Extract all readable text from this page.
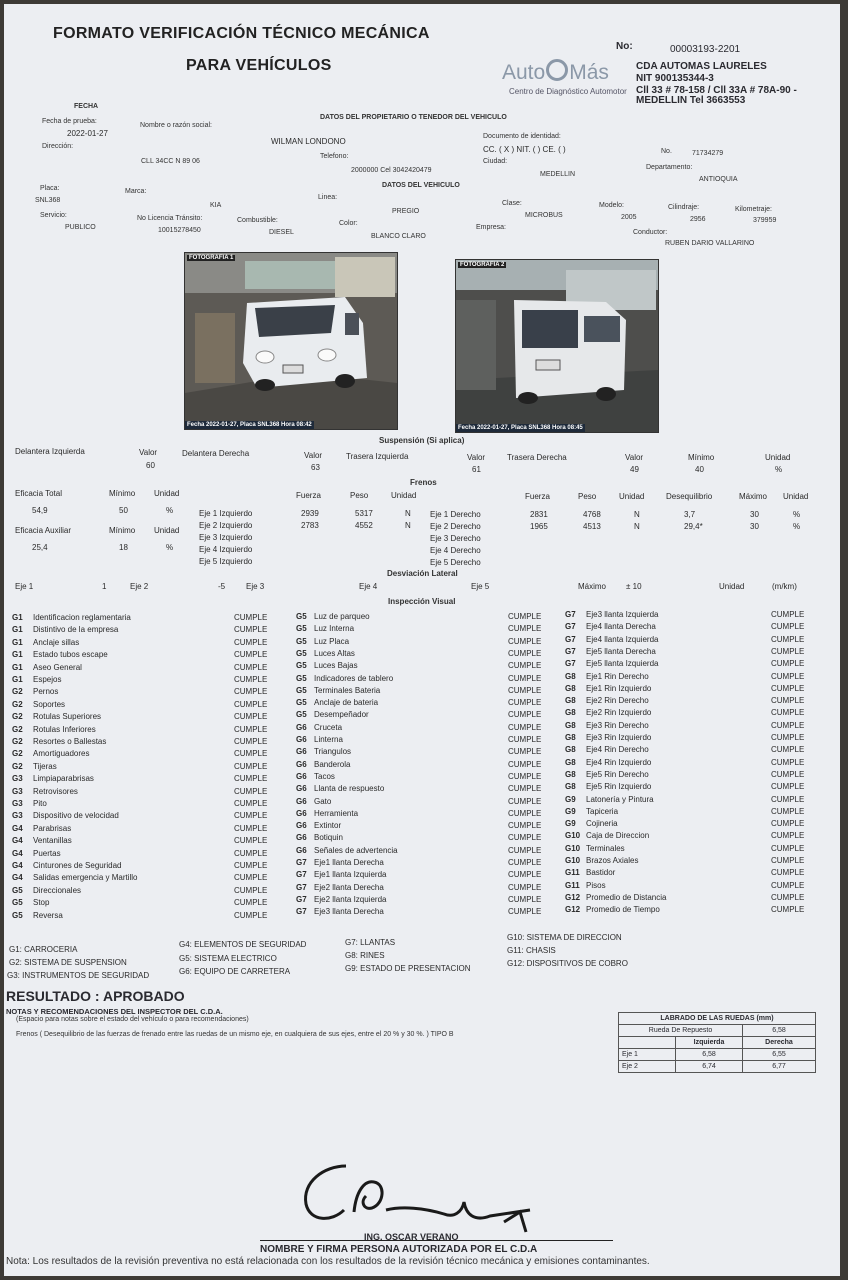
FORMATO VERIFICACIÓN TÉCNICO MECÁNICA
PARA VEHÍCULOS
No:	00003193-2201
Auto Más
Centro de Diagnóstico Automotor
CDA AUTOMAS LAURELES
NIT 900135344-3
Cll 33 # 78-158 / Cll 33A # 78A-90 -
MEDELLIN Tel 3663553
FECHA
DATOS DEL PROPIETARIO O TENEDOR DEL VEHICULO
Fecha de prueba:
2022-01-27
Nombre o razón social:
WILMAN LONDONO
Documento de identidad:
CC. ( X ) NIT. ( ) CE. ( )	No.	71734279
Dirección:
CLL 34CC N 89 06
Telefono:
2000000 Cel 3042420479
Ciudad:
MEDELLIN
Departamento:
ANTIOQUIA
DATOS DEL VEHICULO
Placa:
SNL368
Marca:
KIA
Linea:
PREGIO
Clase:
MICROBUS
Modelo:
2005
Cilindraje:
2956
Kilometraje:
379959
Servicio:
PUBLICO
No Licencia Tránsito:
10015278450
Combustible:
DIESEL
Color:
BLANCO CLARO
Empresa:
Conductor:
RUBEN DARIO VALLARINO
FOTOGRAFIA 1
Fecha 2022-01-27, Placa SNL368 Hora 08:42
FOTOGRAFIA 2
Fecha 2022-01-27, Placa SNL368 Hora 08:45
Suspensión (Si aplica)
Delantera Izquierda	Valor
60
Delantera Derecha	Valor
63
Trasera Izquierda	Valor
61
Trasera Derecha	Valor
49
Mínimo
40
Unidad
%
Frenos
Eficacia Total	Mínimo Unidad
54,9	50	%
Eficacia Auxiliar	Mínimo Unidad
25,4	18	%
Fuerza	Peso	Unidad	Fuerza	Peso	Unidad	Desequilibrio	Máximo Unidad
Eje 1 Izquierdo	2939	5317	N
Eje 2 Izquierdo	2783	4552	N
Eje 3 Izquierdo
Eje 4 Izquierdo
Eje 5 Izquierdo
Eje 1 Derecho	2831	4768	N	3,7	30	%
Eje 2 Derecho	1965	4513	N	29,4*	30	%
Eje 3 Derecho
Eje 4 Derecho
Eje 5 Derecho
Desviación Lateral
Eje 1	1	Eje 2	-5	Eje 3	Eje 4	Eje 5	Máximo ± 10	Unidad	(m/km)
Inspección Visual
G1 Identificacion reglamentaria	CUMPLE
G1 Distintivo de la empresa	CUMPLE
G1 Anclaje sillas	CUMPLE
G1 Estado tubos escape	CUMPLE
G1 Aseo General	CUMPLE
G1 Espejos	CUMPLE
G2 Pernos	CUMPLE
G2 Soportes	CUMPLE
G2 Rotulas Superiores	CUMPLE
G2 Rotulas Inferiores	CUMPLE
G2 Resortes o Ballestas	CUMPLE
G2 Amortiguadores	CUMPLE
G2 Tijeras	CUMPLE
G3 Limpiaparabrisas	CUMPLE
G3 Retrovisores	CUMPLE
G3 Pito	CUMPLE
G3 Dispositivo de velocidad	CUMPLE
G4 Parabrisas	CUMPLE
G4 Ventanillas	CUMPLE
G4 Puertas	CUMPLE
G4 Cinturones de Seguridad	CUMPLE
G4 Salidas emergencia y Martillo	CUMPLE
G5 Direccionales	CUMPLE
G5 Stop	CUMPLE
G5 Reversa	CUMPLE
G5 Luz de parqueo	CUMPLE
G5 Luz Interna	CUMPLE
G5 Luz Placa	CUMPLE
G5 Luces Altas	CUMPLE
G5 Luces Bajas	CUMPLE
G5 Indicadores de tablero	CUMPLE
G5 Terminales Bateria	CUMPLE
G5 Anclaje de bateria	CUMPLE
G5 Desempeñador	CUMPLE
G6 Cruceta	CUMPLE
G6 Linterna	CUMPLE
G6 Triangulos	CUMPLE
G6 Banderola	CUMPLE
G6 Tacos	CUMPLE
G6 Llanta de respuesto	CUMPLE
G6 Gato	CUMPLE
G6 Herramienta	CUMPLE
G6 Extintor	CUMPLE
G6 Botiquin	CUMPLE
G6 Señales de advertencia	CUMPLE
G7 Eje1 llanta Derecha	CUMPLE
G7 Eje1 llanta Izquierda	CUMPLE
G7 Eje2 llanta Derecha	CUMPLE
G7 Eje2 llanta Izquierda	CUMPLE
G7 Eje3 llanta Derecha	CUMPLE
G7 Eje3 llanta Izquierda	CUMPLE
G7 Eje4 llanta Derecha	CUMPLE
G7 Eje4 llanta Izquierda	CUMPLE
G7 Eje5 llanta Derecha	CUMPLE
G7 Eje5 llanta Izquierda	CUMPLE
G8 Eje1 Rin Derecho	CUMPLE
G8 Eje1 Rin Izquierdo	CUMPLE
G8 Eje2 Rin Derecho	CUMPLE
G8 Eje2 Rin Izquierdo	CUMPLE
G8 Eje3 Rin Derecho	CUMPLE
G8 Eje3 Rin Izquierdo	CUMPLE
G8 Eje4 Rin Derecho	CUMPLE
G8 Eje4 Rin Izquierdo	CUMPLE
G8 Eje5 Rin Derecho	CUMPLE
G8 Eje5 Rin Izquierdo	CUMPLE
G9 Latonería y Pintura	CUMPLE
G9 Tapiceria	CUMPLE
G9 Cojineria	CUMPLE
G10 Caja de Direccion	CUMPLE
G10 Terminales	CUMPLE
G10 Brazos Axiales	CUMPLE
G11 Bastidor	CUMPLE
G11 Pisos	CUMPLE
G12 Promedio de Distancia	CUMPLE
G12 Promedio de Tiempo	CUMPLE
G1: CARROCERIA
G2: SISTEMA DE SUSPENSION
G3: INSTRUMENTOS DE SEGURIDAD
G4: ELEMENTOS DE SEGURIDAD
G5: SISTEMA ELECTRICO
G6: EQUIPO DE CARRETERA
G7: LLANTAS
G8: RINES
G9: ESTADO DE PRESENTACION
G10: SISTEMA DE DIRECCION
G11: CHASIS
G12: DISPOSITIVOS DE COBRO
RESULTADO : APROBADO
NOTAS Y RECOMENDACIONES DEL INSPECTOR DEL C.D.A.
(Espacio para notas sobre el estado del vehículo o para recomendaciones)
Frenos ( Desequilibrio de las fuerzas de frenado entre las ruedas de un mismo eje, en cualquiera de sus ejes, entre el 20 % y 30 %. ) TIPO B
LABRADO DE LAS RUEDAS (mm)		
Rueda De Repuesto		6,58
	Izquierda	Derecha
Eje 1	6,58	6,55
Eje 2	6,74	6,77
ING. OSCAR VERANO
NOMBRE Y FIRMA PERSONA AUTORIZADA POR EL C.D.A
Nota: Los resultados de la revisión preventiva no está relacionada con los resultados de la revisión técnico mecánica y emisiones contaminantes.
